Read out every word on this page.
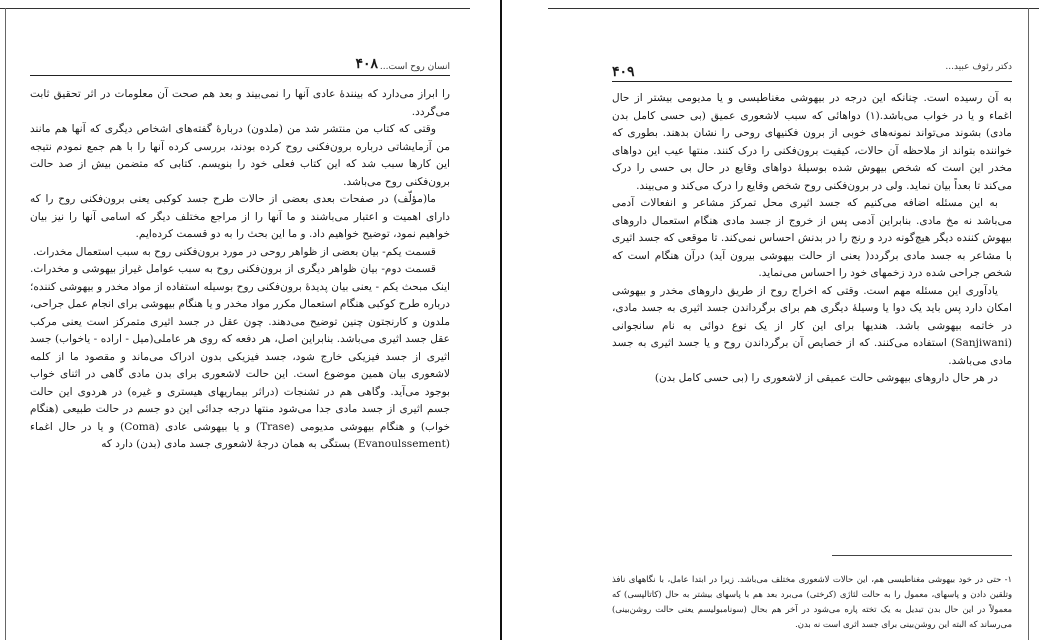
انسان روح است...
۴۰۸

را ابراز می‌دارد که بینندهٔ عادی آنها را نمی‌بیند و بعد هم صحت آن معلومات در اثر تحقیق ثابت می‌گردد.

وقتی که کتاب من منتشر شد من (ملدون) دربارهٔ گفته‌های اشخاص دیگری که آنها هم مانند من آزمایشاتی درباره برون‌فکنی روح کرده بودند، بررسی کرده آنها را با هم جمع نمودم نتیجه این کارها سبب شد که این کتاب فعلی خود را بنویسم. کتابی که متضمن بیش از صد حالت برون‌فکنی روح می‌باشد.

ما(مؤلّف) در صفحات بعدی بعضی از حالات طرح جسد کوکبی یعنی برون‌فکنی روح را که دارای اهمیت و اعتبار می‌باشند و ما آنها را از مراجع مختلف دیگر که اسامی آنها را نیز بیان خواهیم نمود، توضیح خواهیم داد. و ما این بحث را به دو قسمت کرده‌ایم.

قسمت یکم- بیان بعضی از ظواهر روحی در مورد برون‌فکنی روح به سبب استعمال مخدرات.

قسمت دوم- بیان ظواهر دیگری از برون‌فکنی روح به سبب عوامل غیراز بیهوشی و مخدرات. اینک مبحث یکم - یعنی بیان پدیدهٔ برون‌فکنی روح بوسیله استفاده از مواد مخدر و بیهوشی کننده؛ درباره طرح کوکبی هنگام استعمال مکرر مواد مخدر و یا هنگام بیهوشی برای انجام عمل جراحی، ملدون و کارنجتون چنین توضیح می‌دهند. چون عقل در جسد اثیری متمرکز است یعنی مرکب عقل جسد اثیری می‌باشد. بنابراین اصل، هر دفعه که روی هر عاملی(میل - اراده - یاخواب) جسد اثیری از جسد فیزیکی خارج شود، جسد فیزیکی بدون ادراک می‌ماند و مقصود ما از کلمه لاشعوری بیان همین موضوع است. این حالت لاشعوری برای بدن مادی گاهی در اثنای خواب بوجود می‌آید. وگاهی هم در تشنجات (دراثر بیماریهای هیستری و غیره) در هردوی این حالت جسم اثیری از جسد مادی جدا می‌شود منتها درجه جدائی این دو جسم در حالت طبیعی (هنگام خواب) و هنگام بیهوشی مدیومی (Trase) و یا بیهوشی عادی (Coma) و یا در حال اغماء (Evanoulssement) بستگی به همان درجهٔ لاشعوری جسد مادی (بدن) دارد که

دکتر رئوف عبید...
۴۰۹

به آن رسیده است. چنانکه این درجه در بیهوشی مغناطیسی و یا مدیومی بیشتر از حال اغماء و یا در خواب می‌باشد.(۱) دواهائی که سبب لاشعوری عمیق (بی حسی کامل بدن مادی) بشوند می‌تواند نمونه‌های خوبی از برون فکنیهای روحی را نشان بدهند. بطوری که خواننده بتواند از ملاحظه آن حالات، کیفیت برون‌فکنی را درک کنند. منتها عیب این دواهای مخدر این است که شخص بیهوش شده بوسیلهٔ دواهای وقایع در حال بی حسی را درک می‌کند تا بعداً بیان نماید. ولی در برون‌فکنی روح شخص وقایع را درک می‌کند و می‌بیند.

به این مسئله اضافه می‌کنیم که جسد اثیری محل تمرکز مشاعر و انفعالات آدمی می‌باشد نه مخ مادی. بنابراین آدمی پس از خروج از جسد مادی هنگام استعمال داروهای بیهوش کننده دیگر هیچ‌گونه درد و رنج را در بدنش احساس نمی‌کند. تا موقعی که جسد اثیری با مشاعر به جسد مادی برگردد( یعنی از حالت بیهوشی بیرون آید) درآن هنگام است که شخص جراحی شده درد زخمهای خود را احساس می‌نماید.

یادآوری این مسئله مهم است. وقتی که اخراج روح از طریق داروهای مخدر و بیهوشی امکان دارد پس باید یک دوا یا وسیلهٔ دیگری هم برای برگرداندن جسد اثیری به جسد مادی، در خاتمه بیهوشی باشد. هندیها برای این کار از یک نوع دوائی به نام سانجوانی (Sanjiwani) استفاده می‌کنند. که از خصایص آن برگرداندن روح و یا جسد اثیری به جسد مادی می‌باشد.

در هر حال داروهای بیهوشی حالت عمیقی از لاشعوری را (بی حسی کامل بدن)

۱- حتی در خود بیهوشی مغناطیسی هم، این حالات لاشعوری مختلف می‌باشد. زیرا در ابتدا عامل، با نگاههای نافذ وتلقین دادن و پاسهای، معمول را به حالت لثاژی (کرختی) می‌برد بعد هم با پاسهای بیشتر به حال (کاتالپسی) که معمولاً در این حال بدن تبدیل به یک تخته پاره می‌شود در آخر هم بحال (سونامبولیسم یعنی حالت روشن‌بینی) می‌رساند که البته این روشن‌بینی برای جسد اثری است نه بدن.
